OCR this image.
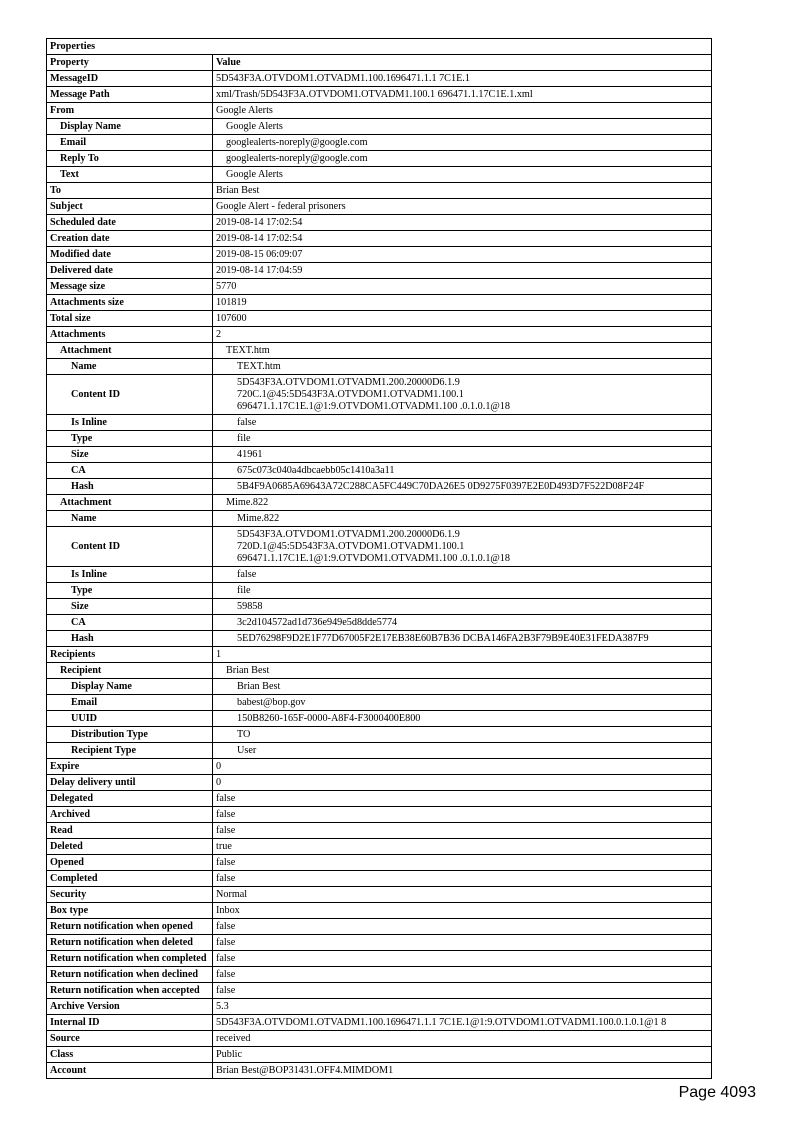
Properties	
Property	Value
MessageID	5D543F3A.OTVDOM1.OTVADM1.100.1696471.1.1 7C1E.1
Message Path	xml/Trash/5D543F3A.OTVDOM1.OTVADM1.100.1 696471.1.17C1E.1.xml
From	Google Alerts
Display Name	Google Alerts
Email	googlealerts-noreply@google.com
Reply To	googlealerts-noreply@google.com
Text	Google Alerts
To	Brian Best
Subject	Google Alert - federal prisoners
Scheduled date	2019-08-14 17:02:54
Creation date	2019-08-14 17:02:54
Modified date	2019-08-15 06:09:07
Delivered date	2019-08-14 17:04:59
Message size	5770
Attachments size	101819
Total size	107600
Attachments	2
Attachment	TEXT.htm
Name	TEXT.htm
Content ID	5D543F3A.OTVDOM1.OTVADM1.200.20000D6.1.9
720C.1@45:5D543F3A.OTVDOM1.OTVADM1.100.1
696471.1.17C1E.1@1:9.OTVDOM1.OTVADM1.100 .0.1.0.1@18
Is Inline	false
Type	file
Size	41961
CA	675c073c040a4dbcaebb05c1410a3a11
Hash	5B4F9A0685A69643A72C288CA5FC449C70DA26E5 0D9275F0397E2E0D493D7F522D08F24F
Attachment	Mime.822
Name	Mime.822
Content ID	5D543F3A.OTVDOM1.OTVADM1.200.20000D6.1.9
720D.1@45:5D543F3A.OTVDOM1.OTVADM1.100.1
696471.1.17C1E.1@1:9.OTVDOM1.OTVADM1.100 .0.1.0.1@18
Is Inline	false
Type	file
Size	59858
CA	3c2d104572ad1d736e949e5d8dde5774
Hash	5ED76298F9D2E1F77D67005F2E17EB38E60B7B36 DCBA146FA2B3F79B9E40E31FEDA387F9
Recipients	1
Recipient	Brian Best
Display Name	Brian Best
Email	babest@bop.gov
UUID	150B8260-165F-0000-A8F4-F3000400E800
Distribution Type	TO
Recipient Type	User
Expire	0
Delay delivery until	0
Delegated	false
Archived	false
Read	false
Deleted	true
Opened	false
Completed	false
Security	Normal
Box type	Inbox
Return notification when opened	false
Return notification when deleted	false
Return notification when completed	false
Return notification when declined	false
Return notification when accepted	false
Archive Version	5.3
Internal ID	5D543F3A.OTVDOM1.OTVADM1.100.1696471.1.1 7C1E.1@1:9.OTVDOM1.OTVADM1.100.0.1.0.1@1 8
Source	received
Class	Public
Account	Brian Best@BOP31431.OFF4.MIMDOM1
Page 4093
